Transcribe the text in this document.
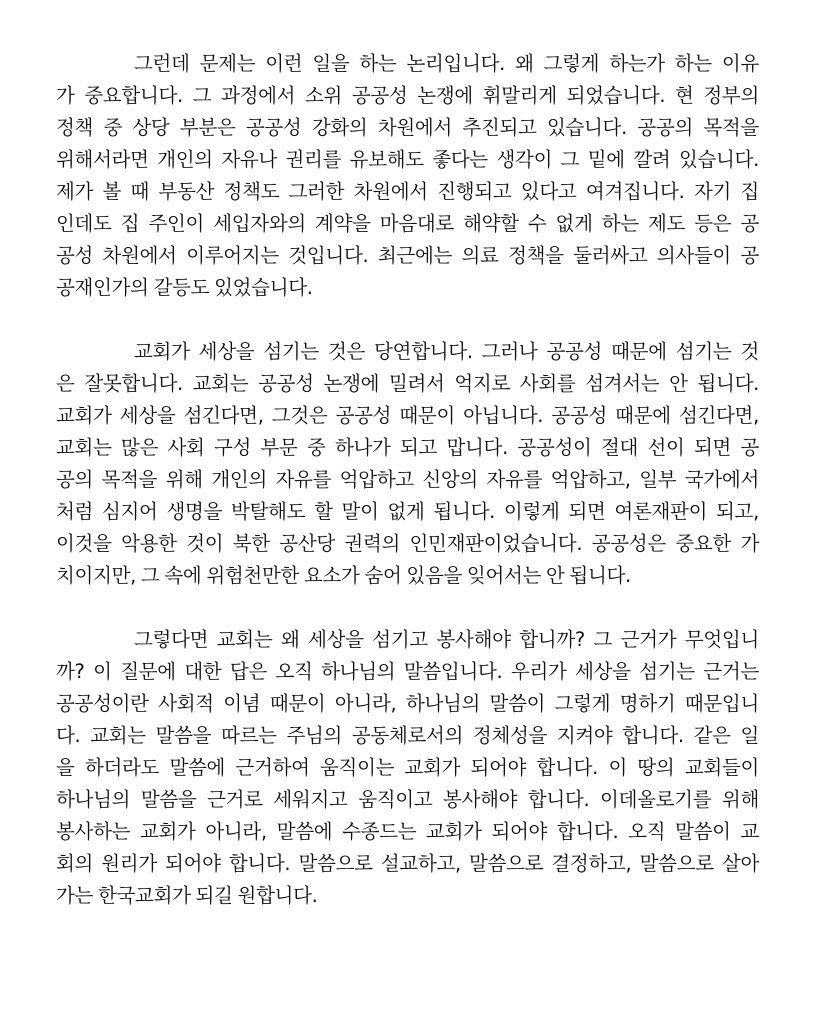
그런데 문제는 이런 일을 하는 논리입니다. 왜 그렇게 하는가 하는 이유
가 중요합니다. 그 과정에서 소위 공공성 논쟁에 휘말리게 되었습니다. 현 정부의
정책 중 상당 부분은 공공성 강화의 차원에서 추진되고 있습니다. 공공의 목적을
위해서라면 개인의 자유나 권리를 유보해도 좋다는 생각이 그 밑에 깔려 있습니다.
제가 볼 때 부동산 정책도 그러한 차원에서 진행되고 있다고 여겨집니다. 자기 집
인데도 집 주인이 세입자와의 계약을 마음대로 해약할 수 없게 하는 제도 등은 공
공성 차원에서 이루어지는 것입니다. 최근에는 의료 정책을 둘러싸고 의사들이 공
공재인가의 갈등도 있었습니다.
교회가 세상을 섬기는 것은 당연합니다. 그러나 공공성 때문에 섬기는 것
은 잘못합니다. 교회는 공공성 논쟁에 밀려서 억지로 사회를 섬겨서는 안 됩니다.
교회가 세상을 섬긴다면, 그것은 공공성 때문이 아닙니다. 공공성 때문에 섬긴다면,
교회는 많은 사회 구성 부문 중 하나가 되고 맙니다. 공공성이 절대 선이 되면 공
공의 목적을 위해 개인의 자유를 억압하고 신앙의 자유를 억압하고, 일부 국가에서
처럼 심지어 생명을 박탈해도 할 말이 없게 됩니다. 이렇게 되면 여론재판이 되고,
이것을 악용한 것이 북한 공산당 권력의 인민재판이었습니다. 공공성은 중요한 가
치이지만, 그 속에 위험천만한 요소가 숨어 있음을 잊어서는 안 됩니다.
그렇다면 교회는 왜 세상을 섬기고 봉사해야 합니까? 그 근거가 무엇입니
까? 이 질문에 대한 답은 오직 하나님의 말씀입니다. 우리가 세상을 섬기는 근거는
공공성이란 사회적 이념 때문이 아니라, 하나님의 말씀이 그렇게 명하기 때문입니
다. 교회는 말씀을 따르는 주님의 공동체로서의 정체성을 지켜야 합니다. 같은 일
을 하더라도 말씀에 근거하여 움직이는 교회가 되어야 합니다. 이 땅의 교회들이
하나님의 말씀을 근거로 세워지고 움직이고 봉사해야 합니다. 이데올로기를 위해
봉사하는 교회가 아니라, 말씀에 수종드는 교회가 되어야 합니다. 오직 말씀이 교
회의 원리가 되어야 합니다. 말씀으로 설교하고, 말씀으로 결정하고, 말씀으로 살아
가는 한국교회가 되길 원합니다.
